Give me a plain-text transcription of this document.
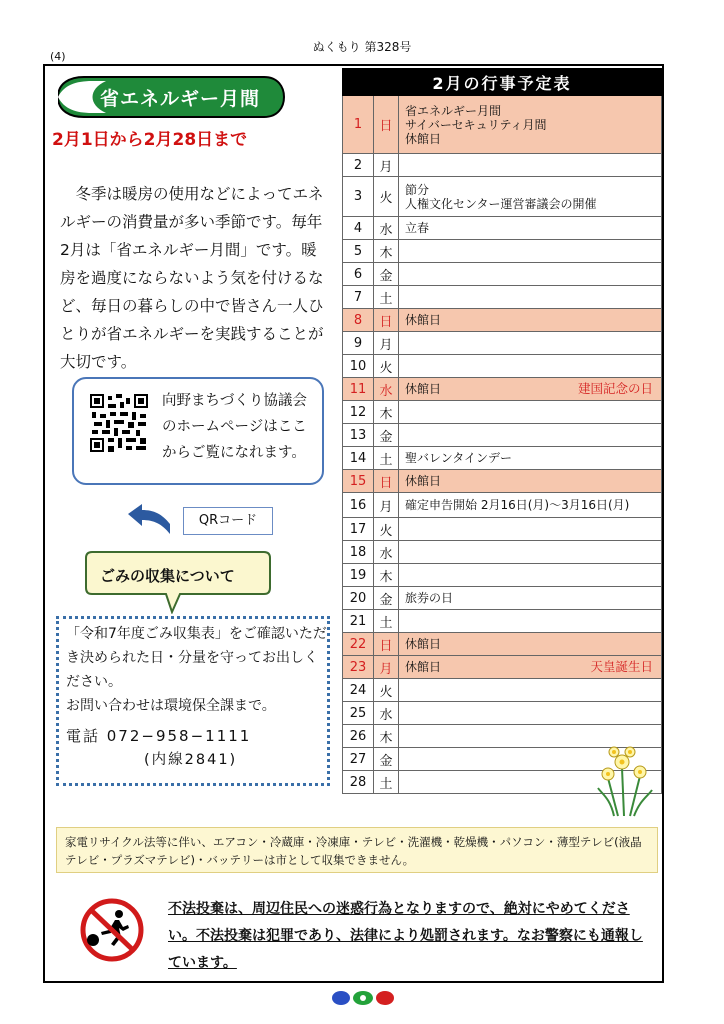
ぬくもり 第328号
(4)
省エネルギー月間
2月1日から2月28日まで
冬季は暖房の使用などによってエネルギーの消費量が多い季節です。毎年2月は「省エネルギー月間」です。暖房を過度にならないよう気を付けるなど、毎日の暮らしの中で皆さん一人ひとりが省エネルギーを実践することが大切です。
向野まちづくり協議会のホームページはここからご覧になれます。
QRコード
ごみの収集について
「令和7年度ごみ収集表」をご確認いただき決められた日・分量を守ってお出しください。
お問い合わせは環境保全課まで。
電話 072−958−1111
(内線2841)
2月の行事予定表
1	日
省エネルギー月間
サイバーセキュリティ月間
休館日
2	月
3	火
節分
人権文化センター運営審議会の開催
4	水	立春
5	木
6	金
7	土
8	日	休館日
9	月
10	火
11	水	休館日	建国記念の日
12	木
13	金
14	土	聖バレンタインデー
15	日	休館日
16	月	確定申告開始 2月16日(月)〜3月16日(月)
17	火
18	水
19	木
20	金	旅券の日
21	土
22	日	休館日
23	月	休館日	天皇誕生日
24	火
25	水
26	木
27	金
28	土
家電リサイクル法等に伴い、エアコン・冷蔵庫・冷凍庫・テレビ・洗濯機・乾燥機・パソコン・薄型テレビ(液晶テレビ・プラズマテレビ)・バッテリーは市として収集できません。
不法投棄は、周辺住民への迷惑行為となりますので、絶対にやめてください。不法投棄は犯罪であり、法律により処罰されます。なお警察にも通報しています。
